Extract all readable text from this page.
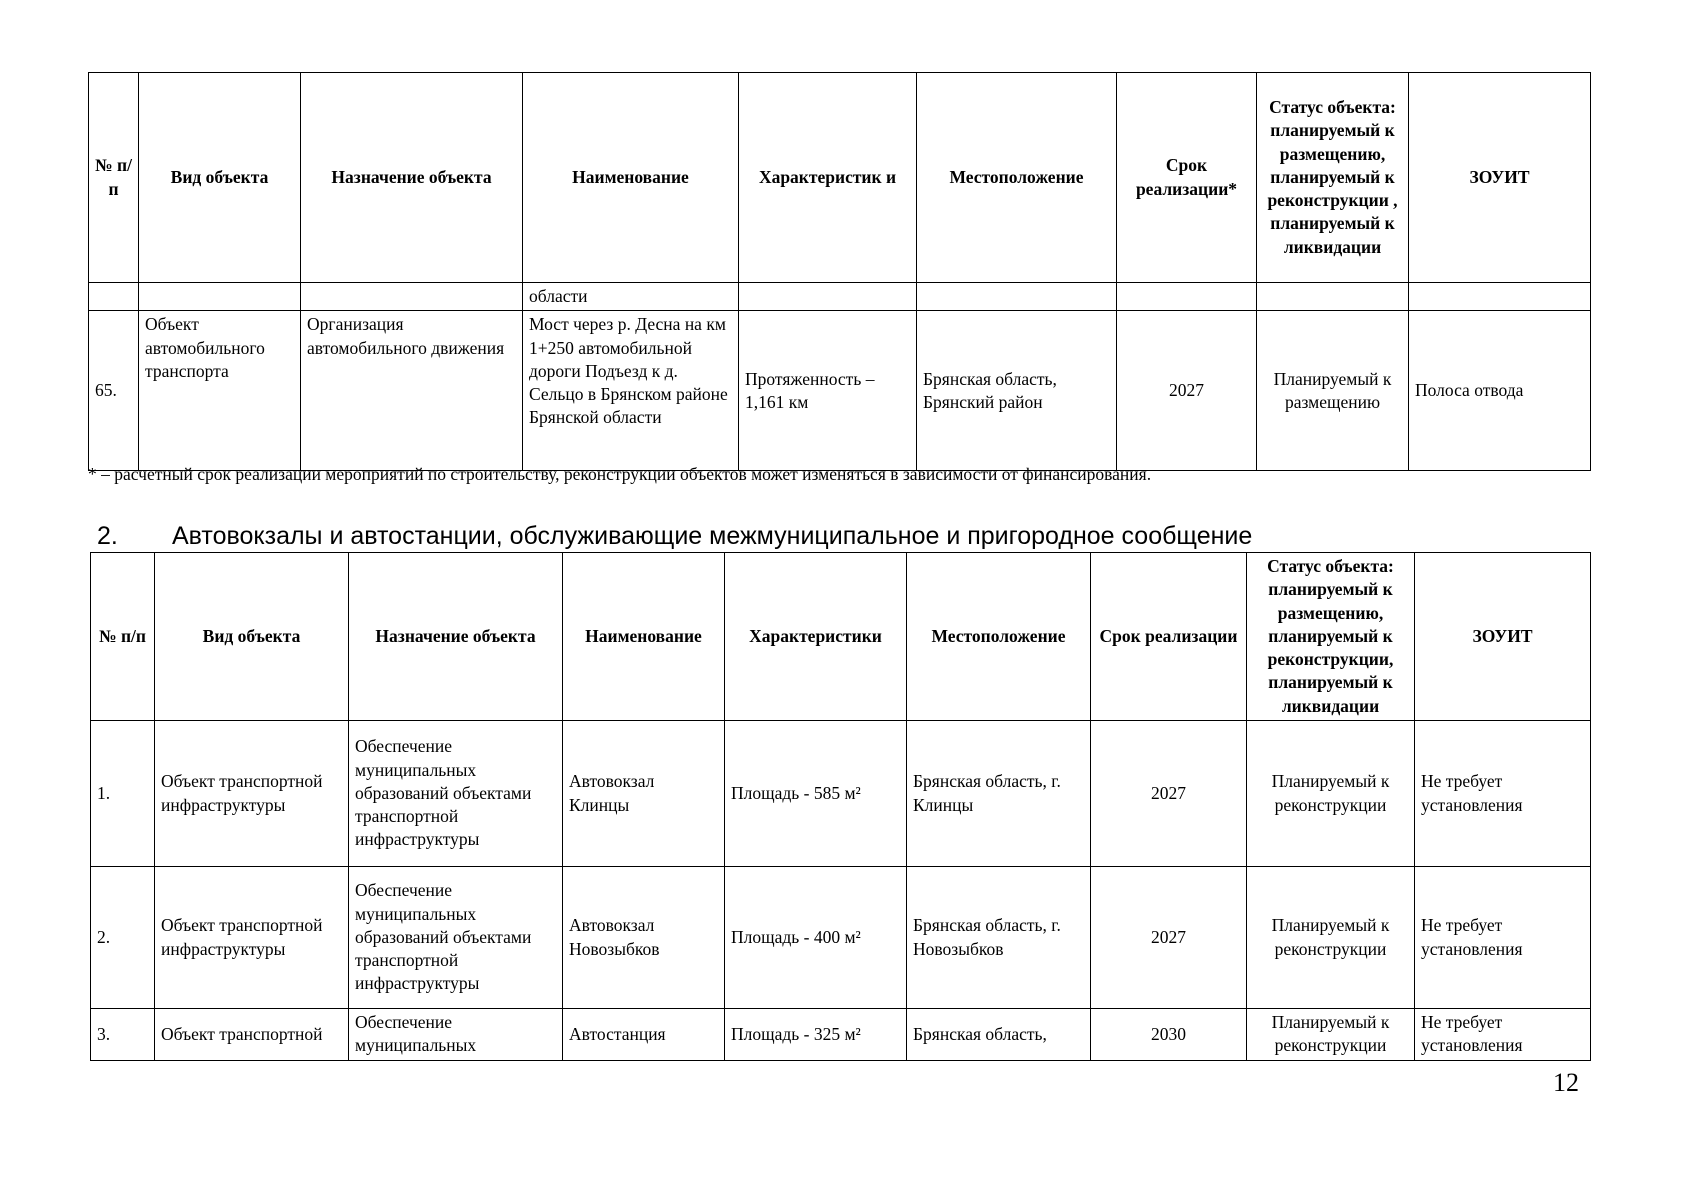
№ п/п	Вид объекта	Назначение объекта	Наименование	Характеристик и	Местоположение	Срок реализации*	Статус объекта: планируемый к размещению, планируемый к реконструкции , планируемый к ликвидации	ЗОУИТ
			области					
65.	Объект автомобильного транспорта	Организация автомобильного движения	Мост через р. Десна на км 1+250 автомобильной дороги Подъезд к д. Сельцо в Брянском районе Брянской области	Протяженность – 1,161 км	Брянская область, Брянский район	2027	Планируемый к размещению	Полоса отвода
* – расчетный срок реализации мероприятий по строительству, реконструкции объектов может изменяться в зависимости от финансирования.
2. Автовокзалы и автостанции, обслуживающие межмуниципальное и пригородное сообщение
№ п/п	Вид объекта	Назначение объекта	Наименование	Характеристики	Местоположение	Срок реализации	Статус объекта: планируемый к размещению, планируемый к реконструкции, планируемый к ликвидации	ЗОУИТ
1.	Объект транспортной инфраструктуры	Обеспечение муниципальных образований объектами транспортной инфраструктуры	Автовокзал Клинцы	Площадь - 585 м²	Брянская область, г. Клинцы	2027	Планируемый к реконструкции	Не требует установления
2.	Объект транспортной инфраструктуры	Обеспечение муниципальных образований объектами транспортной инфраструктуры	Автовокзал Новозыбков	Площадь - 400 м²	Брянская область, г. Новозыбков	2027	Планируемый к реконструкции	Не требует установления
3.	Объект транспортной	Обеспечение муниципальных	Автостанция	Площадь - 325 м²	Брянская область,	2030	Планируемый к реконструкции	Не требует установления
12
